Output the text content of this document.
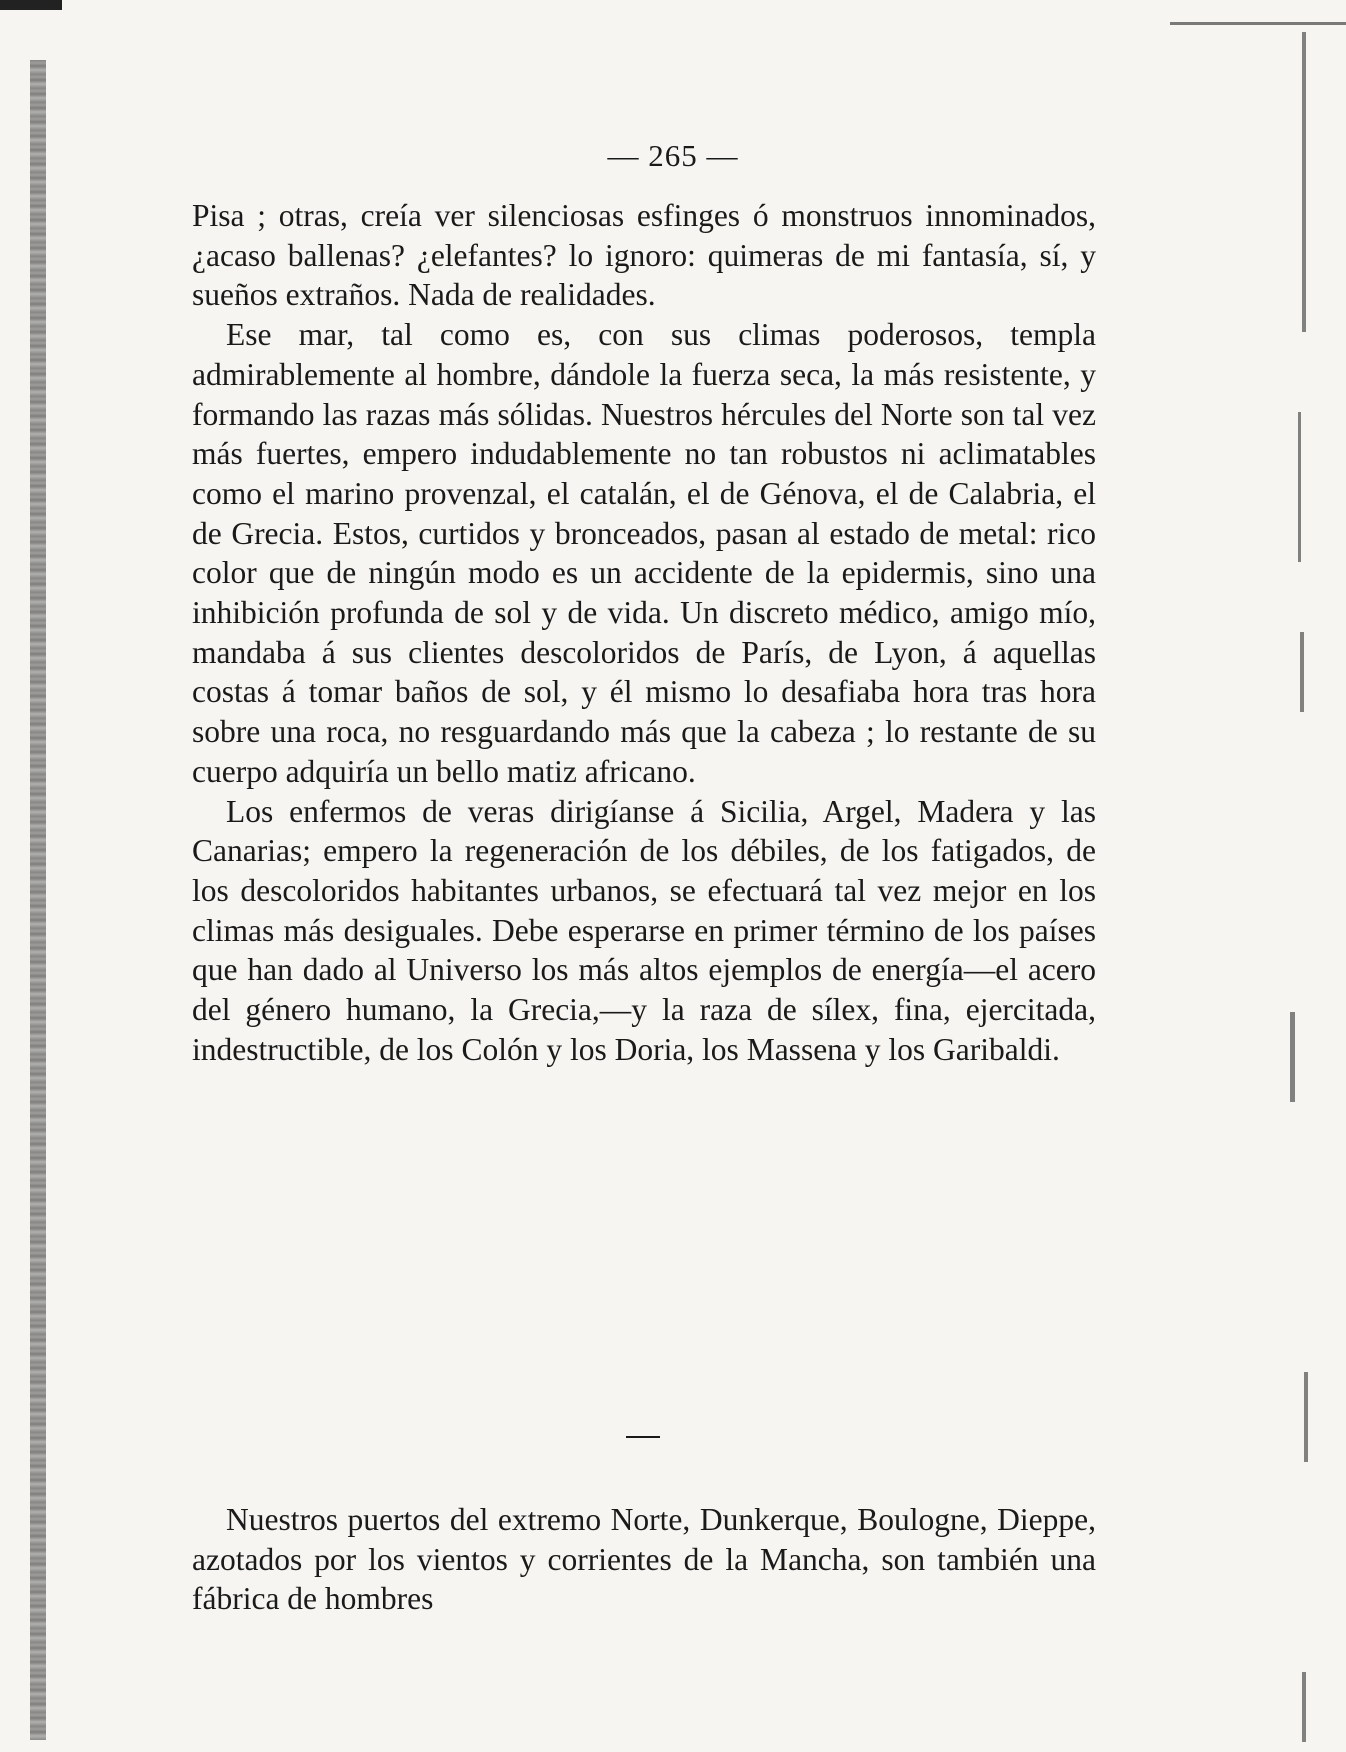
— 265 —

Pisa ; otras, creía ver silenciosas esfinges ó monstruos innominados, ¿acaso ballenas? ¿elefantes? lo ignoro: quimeras de mi fantasía, sí, y sueños extraños. Nada de realidades.

Ese mar, tal como es, con sus climas poderosos, templa admirablemente al hombre, dándole la fuerza seca, la más resistente, y formando las razas más sólidas. Nuestros hércules del Norte son tal vez más fuertes, empero indudablemente no tan robustos ni aclimatables como el marino provenzal, el catalán, el de Génova, el de Calabria, el de Grecia. Estos, curtidos y bronceados, pasan al estado de metal: rico color que de ningún modo es un accidente de la epidermis, sino una inhibición profunda de sol y de vida. Un discreto médico, amigo mío, mandaba á sus clientes descoloridos de París, de Lyon, á aquellas costas á tomar baños de sol, y él mismo lo desafiaba hora tras hora sobre una roca, no resguardando más que la cabeza ; lo restante de su cuerpo adquiría un bello matiz africano.

Los enfermos de veras dirigíanse á Sicilia, Argel, Madera y las Canarias; empero la regeneración de los débiles, de los fatigados, de los descoloridos habitantes urbanos, se efectuará tal vez mejor en los climas más desiguales. Debe esperarse en primer término de los países que han dado al Universo los más altos ejemplos de energía—el acero del género humano, la Grecia,—y la raza de sílex, fina, ejercitada, indestructible, de los Colón y los Doria, los Massena y los Garibaldi.

Nuestros puertos del extremo Norte, Dunkerque, Boulogne, Dieppe, azotados por los vientos y corrientes de la Mancha, son también una fábrica de hombres
